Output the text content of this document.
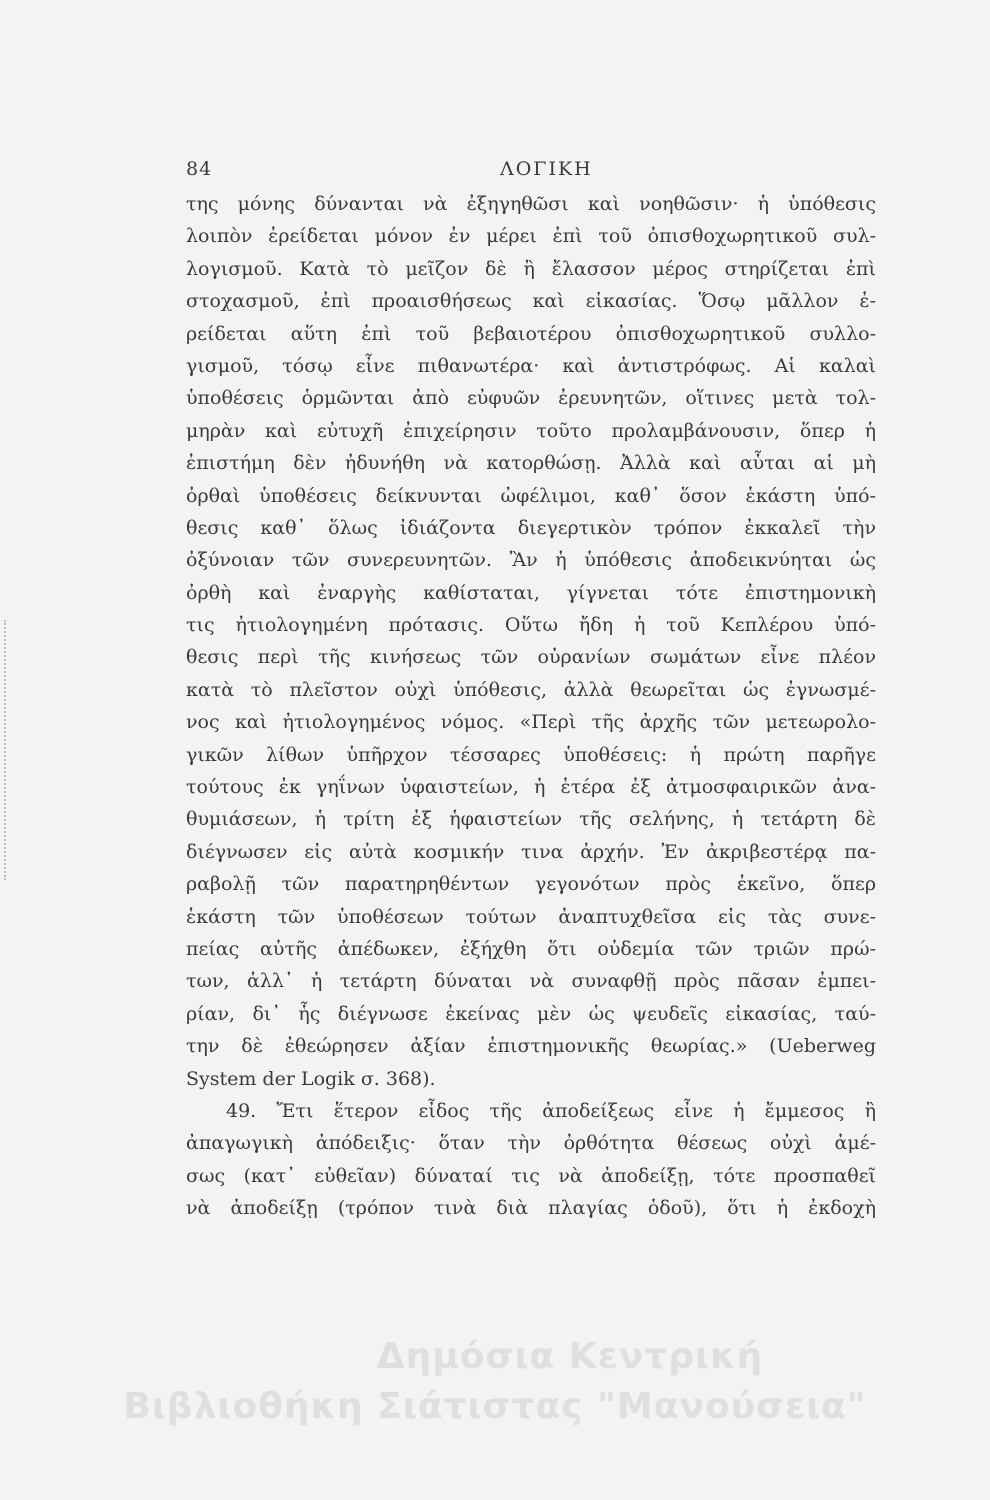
84	ΛΟΓΙΚΗ
της μόνης δύνανται νὰ ἐξηγηθῶσι καὶ νοηθῶσιν· ἡ ὑπόθεσις
λοιπὸν ἐρείδεται μόνον ἐν μέρει ἐπὶ τοῦ ὀπισθοχωρητικοῦ συλ-
λογισμοῦ. Κατὰ τὸ μεῖζον δὲ ἢ ἔλασσον μέρος στηρίζεται ἐπὶ
στοχασμοῦ, ἐπὶ προαισθήσεως καὶ εἰκασίας. Ὅσῳ μᾶλλον ἐ-
ρείδεται αὕτη ἐπὶ τοῦ βεβαιοτέρου ὀπισθοχωρητικοῦ συλλο-
γισμοῦ, τόσῳ εἶνε πιθανωτέρα· καὶ ἀντιστρόφως. Αἱ καλαὶ
ὑποθέσεις ὁρμῶνται ἀπὸ εὐφυῶν ἐρευνητῶν, οἵτινες μετὰ τολ-
μηρὰν καὶ εὐτυχῆ ἐπιχείρησιν τοῦτο προλαμβάνουσιν, ὅπερ ἡ
ἐπιστήμη δὲν ἠδυνήθη νὰ κατορθώσῃ. Ἀλλὰ καὶ αὗται αἱ μὴ
ὀρθαὶ ὑποθέσεις δείκνυνται ὠφέλιμοι, καθ᾽ ὅσον ἑκάστη ὑπό-
θεσις καθ᾽ ὅλως ἰδιάζοντα διεγερτικὸν τρόπον ἐκκαλεῖ τὴν
ὀξύνοιαν τῶν συνερευνητῶν. Ἂν ἡ ὑπόθεσις ἀποδεικνύηται ὡς
ὀρθὴ καὶ ἐναργὴς καθίσταται, γίγνεται τότε ἐπιστημονικὴ
τις ἠτιολογημένη πρότασις. Οὕτω ἤδη ἡ τοῦ Κεπλέρου ὑπό-
θεσις περὶ τῆς κινήσεως τῶν οὐρανίων σωμάτων εἶνε πλέον
κατὰ τὸ πλεῖστον οὐχὶ ὑπόθεσις, ἀλλὰ θεωρεῖται ὡς ἐγνωσμέ-
νος καὶ ἠτιολογημένος νόμος. «Περὶ τῆς ἀρχῆς τῶν μετεωρολο-
γικῶν λίθων ὑπῆρχον τέσσαρες ὑποθέσεις: ἡ πρώτη παρῆγε
τούτους ἐκ γηΐνων ὑφαιστείων, ἡ ἑτέρα ἐξ ἀτμοσφαιρικῶν ἀνα-
θυμιάσεων, ἡ τρίτη ἐξ ἡφαιστείων τῆς σελήνης, ἡ τετάρτη δὲ
διέγνωσεν εἰς αὐτὰ κοσμικήν τινα ἀρχήν. Ἐν ἀκριβεστέρᾳ πα-
ραβολῇ τῶν παρατηρηθέντων γεγονότων πρὸς ἐκεῖνο, ὅπερ
ἑκάστη τῶν ὑποθέσεων τούτων ἀναπτυχθεῖσα εἰς τὰς συνε-
πείας αὐτῆς ἀπέδωκεν, ἐξήχθη ὅτι οὐδεμία τῶν τριῶν πρώ-
των, ἀλλ᾽ ἡ τετάρτη δύναται νὰ συναφθῇ πρὸς πᾶσαν ἐμπει-
ρίαν, δι᾽ ἧς διέγνωσε ἐκείνας μὲν ὡς ψευδεῖς εἰκασίας, ταύ-
την δὲ ἐθεώρησεν ἀξίαν ἐπιστημονικῆς θεωρίας.» (Ueberweg
System der Logik σ. 368).
49. Ἔτι ἕτερον εἶδος τῆς ἀποδείξεως εἶνε ἡ ἔμμεσος ἢ
ἀπαγωγικὴ ἀπόδειξις· ὅταν τὴν ὀρθότητα θέσεως οὐχὶ ἀμέ-
σως (κατ᾽ εὐθεῖαν) δύναταί τις νὰ ἀποδείξῃ, τότε προσπαθεῖ
νὰ ἀποδείξῃ (τρόπον τινὰ διὰ πλαγίας ὁδοῦ), ὅτι ἡ ἐκδοχὴ
Δημόσια Κεντρική
Βιβλιοθήκη Σιάτιστας "Μανούσεια"
